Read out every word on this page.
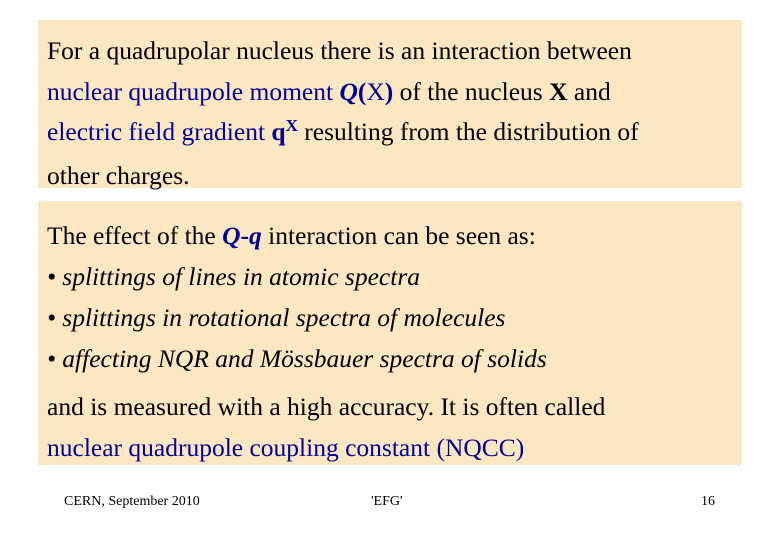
For a quadrupolar nucleus there is an interaction between
nuclear quadrupole moment Q(X) of the nucleus X and
electric field gradient $q^X$ resulting from the distribution of
other charges.
The effect of the Q-q interaction can be seen as:
• splittings of lines in atomic spectra
• splittings in rotational spectra of molecules
• affecting NQR and Mössbauer spectra of solids
and is measured with a high accuracy. It is often called
nuclear quadrupole coupling constant (NQCC)
CERN, September 2010	'EFG'	16
